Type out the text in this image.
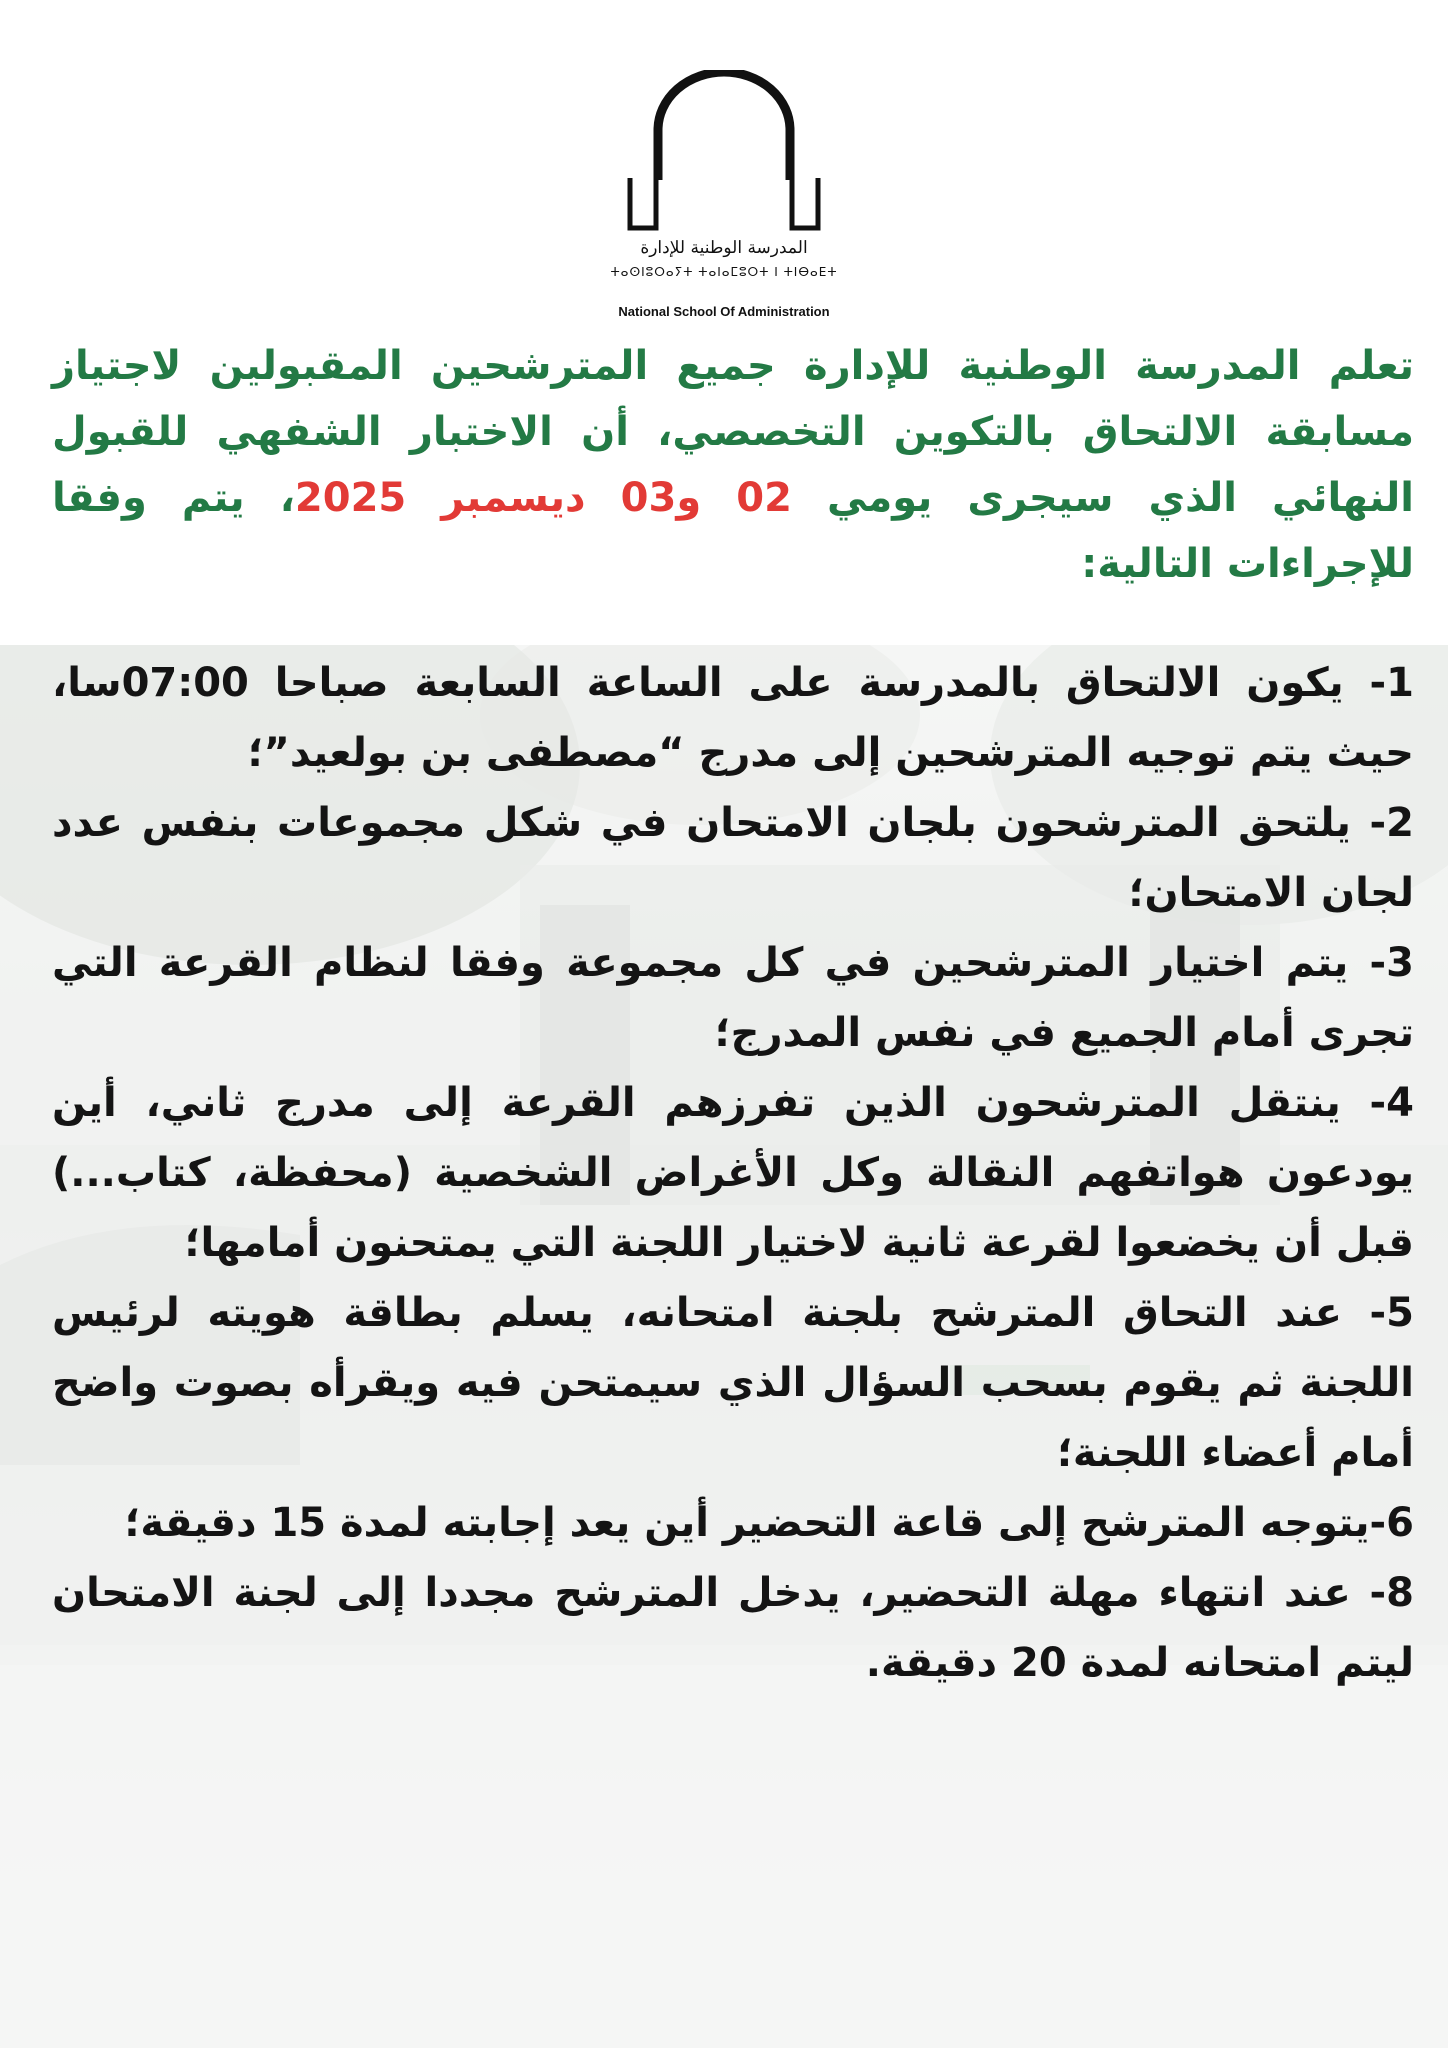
المدرسة الوطنية للإدارة
ⵜⴰⵙⵏⵓⵔⴰⵢⵜ ⵜⴰⵏⴰⵎⵓⵔⵜ ⵏ ⵜⵏⴱⴰⴹⵜ
National School Of Administration
تعلم المدرسة الوطنية للإدارة جميع المترشحين المقبولين لاجتياز مسابقة الالتحاق بالتكوين التخصصي، أن الاختبار الشفهي للقبول النهائي الذي سيجرى يومي 02 و03 ديسمبر 2025، يتم وفقا للإجراءات التالية:

1- يكون الالتحاق بالمدرسة على الساعة السابعة صباحا 07:00سا، حيث يتم توجيه المترشحين إلى مدرج “مصطفى بن بولعيد”؛

2- يلتحق المترشحون بلجان الامتحان في شكل مجموعات بنفس عدد لجان الامتحان؛

3- يتم اختيار المترشحين في كل مجموعة وفقا لنظام القرعة التي تجرى أمام الجميع في نفس المدرج؛

4- ينتقل المترشحون الذين تفرزهم القرعة إلى مدرج ثاني، أين يودعون هواتفهم النقالة وكل الأغراض الشخصية (محفظة، كتاب...) قبل أن يخضعوا لقرعة ثانية لاختيار اللجنة التي يمتحنون أمامها؛

5- عند التحاق المترشح بلجنة امتحانه، يسلم بطاقة هويته لرئيس اللجنة ثم يقوم بسحب السؤال الذي سيمتحن فيه ويقرأه بصوت واضح أمام أعضاء اللجنة؛

6-يتوجه المترشح إلى قاعة التحضير أين يعد إجابته لمدة 15 دقيقة؛

8- عند انتهاء مهلة التحضير، يدخل المترشح مجددا إلى لجنة الامتحان ليتم امتحانه لمدة 20 دقيقة.
